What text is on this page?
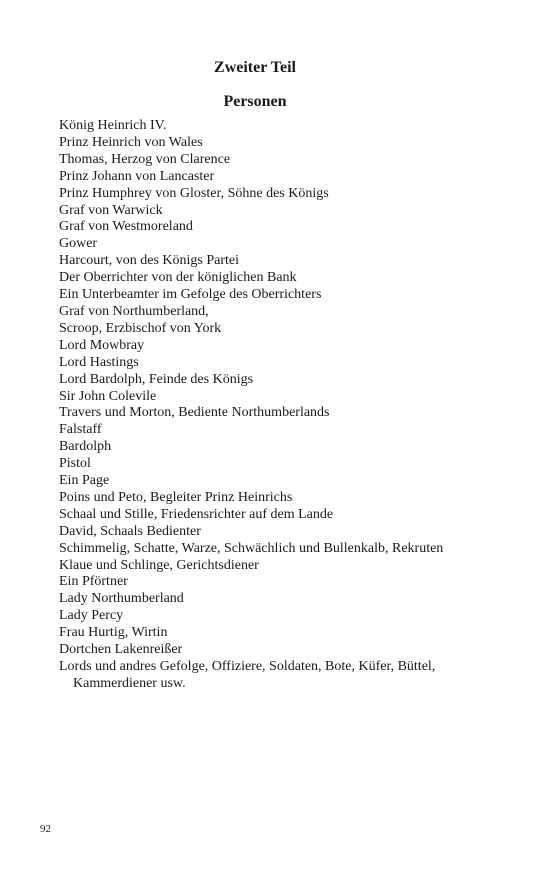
Zweiter Teil
Personen
König Heinrich IV.
Prinz Heinrich von Wales
Thomas, Herzog von Clarence
Prinz Johann von Lancaster
Prinz Humphrey von Gloster, Söhne des Königs
Graf von Warwick
Graf von Westmoreland
Gower
Harcourt, von des Königs Partei
Der Oberrichter von der königlichen Bank
Ein Unterbeamter im Gefolge des Oberrichters
Graf von Northumberland,
Scroop, Erzbischof von York
Lord Mowbray
Lord Hastings
Lord Bardolph, Feinde des Königs
Sir John Colevile
Travers und Morton, Bediente Northumberlands
Falstaff
Bardolph
Pistol
Ein Page
Poins und Peto, Begleiter Prinz Heinrichs
Schaal und Stille, Friedensrichter auf dem Lande
David, Schaals Bedienter
Schimmelig, Schatte, Warze, Schwächlich und Bullenkalb, Rekruten
Klaue und Schlinge, Gerichtsdiener
Ein Pförtner
Lady Northumberland
Lady Percy
Frau Hurtig, Wirtin
Dortchen Lakenreißer
Lords und andres Gefolge, Offiziere, Soldaten, Bote, Küfer, Büttel, Kammerdiener usw.
92
